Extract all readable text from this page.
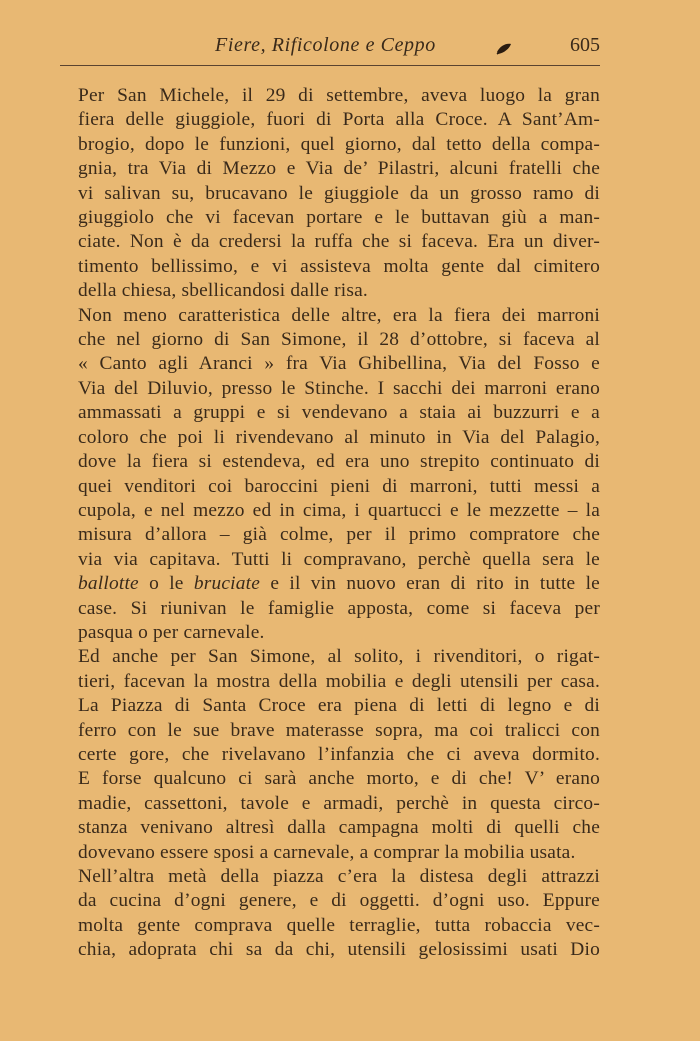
Fiere, Rificolone e Ceppo	605
Per San Michele, il 29 di settembre, aveva luogo la gran
fiera delle giuggiole, fuori di Porta alla Croce. A Sant’Am-
brogio, dopo le funzioni, quel giorno, dal tetto della compa-
gnia, tra Via di Mezzo e Via de’ Pilastri, alcuni fratelli che
vi salivan su, brucavano le giuggiole da un grosso ramo di
giuggiolo che vi facevan portare e le buttavan giù a man-
ciate. Non è da credersi la ruffa che si faceva. Era un diver-
timento bellissimo, e vi assisteva molta gente dal cimitero
della chiesa, sbellicandosi dalle risa.
Non meno caratteristica delle altre, era la fiera dei marroni
che nel giorno di San Simone, il 28 d’ottobre, si faceva al
« Canto agli Aranci » fra Via Ghibellina, Via del Fosso e
Via del Diluvio, presso le Stinche. I sacchi dei marroni erano
ammassati a gruppi e si vendevano a staia ai buzzurri e a
coloro che poi li rivendevano al minuto in Via del Palagio,
dove la fiera si estendeva, ed era uno strepito continuato di
quei venditori coi baroccini pieni di marroni, tutti messi a
cupola, e nel mezzo ed in cima, i quartucci e le mezzette – la
misura d’allora – già colme, per il primo compratore che
via via capitava. Tutti li compravano, perchè quella sera le
ballotte o le bruciate e il vin nuovo eran di rito in tutte le
case. Si riunivan le famiglie apposta, come si faceva per
pasqua o per carnevale.
Ed anche per San Simone, al solito, i rivenditori, o rigat-
tieri, facevan la mostra della mobilia e degli utensili per casa.
La Piazza di Santa Croce era piena di letti di legno e di
ferro con le sue brave materasse sopra, ma coi tralicci con
certe gore, che rivelavano l’infanzia che ci aveva dormito.
E forse qualcuno ci sarà anche morto, e di che! V’ erano
madie, cassettoni, tavole e armadi, perchè in questa circo-
stanza venivano altresì dalla campagna molti di quelli che
dovevano essere sposi a carnevale, a comprar la mobilia usata.
Nell’altra metà della piazza c’era la distesa degli attrazzi
da cucina d’ogni genere, e di oggetti. d’ogni uso. Eppure
molta gente comprava quelle terraglie, tutta robaccia vec-
chia, adoprata chi sa da chi, utensili gelosissimi usati Dio
